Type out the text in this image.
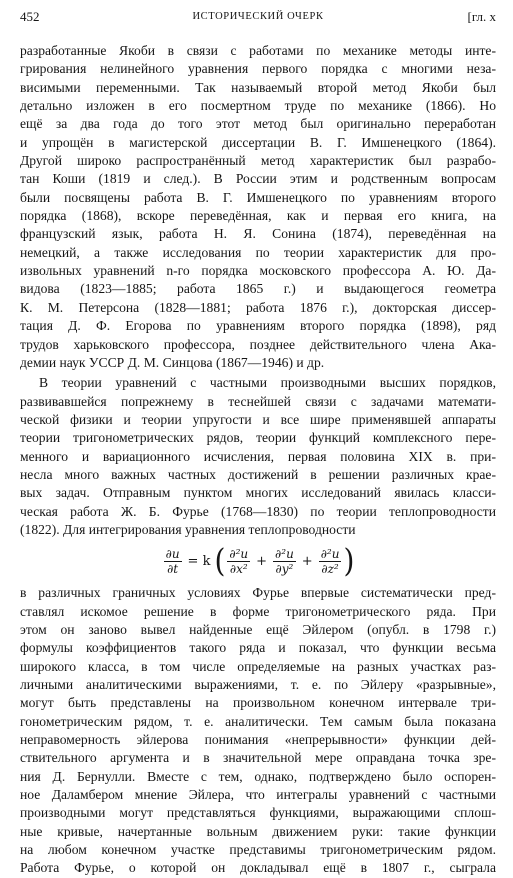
452	ИСТОРИЧЕСКИЙ ОЧЕРК	[гл. x
разработанные Якоби в связи с работами по механике методы инте-
грирования нелинейного уравнения первого порядка с многими неза-
висимыми переменными. Так называемый второй метод Якоби был
детально изложен в его посмертном труде по механике (1866). Но
ещё за два года до того этот метод был оригинально переработан
и упрощён в магистерской диссертации В. Г. Имшенецкого (1864).
Другой широко распространённый метод характеристик был разрабо-
тан Коши (1819 и след.). В России этим и родственным вопросам
были посвящены работа В. Г. Имшенецкого по уравнениям второго
порядка (1868), вскоре переведённая, как и первая его книга, на
французский язык, работа Н. Я. Сонина (1874), переведённая на
немецкий, а также исследования по теории характеристик для про-
извольных уравнений n-го порядка московского профессора А. Ю. Да-
видова (1823—1885; работа 1865 г.) и выдающегося геометра
К. М. Петерсона (1828—1881; работа 1876 г.), докторская диссер-
тация Д. Ф. Егорова по уравнениям второго порядка (1898), ряд
трудов харьковского профессора, позднее действительного члена Ака-
демии наук УССР Д. М. Синцова (1867—1946) и др.
В теории уравнений с частными производными высших порядков,
развивавшейся попрежнему в теснейшей связи с задачами математи-
ческой физики и теории упругости и все шире применявшей аппараты
теории тригонометрических рядов, теории функций комплексного пере-
менного и вариационного исчисления, первая половина XIX в. при-
несла много важных частных достижений в решении различных крае-
вых задач. Отправным пунктом многих исследований явилась класси-
ческая работа Ж. Б. Фурье (1768—1830) по теории теплопроводности
(1822). Для интегрирования уравнения теплопроводности
$\frac{\partial u}{\partial t} = k$ ( $\frac{\text{∂²u}}{\text{∂x²}} + \frac{\text{∂²u}}{\text{∂y²}} + \frac{\text{∂²u}}{\text{∂z²}}$ )
в различных граничных условиях Фурье впервые систематически пред-
ставлял искомое решение в форме тригонометрического ряда. При
этом он заново вывел найденные ещё Эйлером (опубл. в 1798 г.)
формулы коэффициентов такого ряда и показал, что функции весьма
широкого класса, в том числе определяемые на разных участках раз-
личными аналитическими выражениями, т. е. по Эйлеру «разрывные»,
могут быть представлены на произвольном конечном интервале три-
гонометрическим рядом, т. е. аналитически. Тем самым была показана
неправомерность эйлерова понимания «непрерывности» функции дей-
ствительного аргумента и в значительной мере оправдана точка зре-
ния Д. Бернулли. Вместе с тем, однако, подтверждено было оспорен-
ное Даламбером мнение Эйлера, что интегралы уравнений с частными
производными могут представляться функциями, выражающими сплош-
ные кривые, начертанные вольным движением руки: такие функции
на любом конечном участке представимы тригонометрическим рядом.
Работа Фурье, о которой он докладывал ещё в 1807 г., сыграла
